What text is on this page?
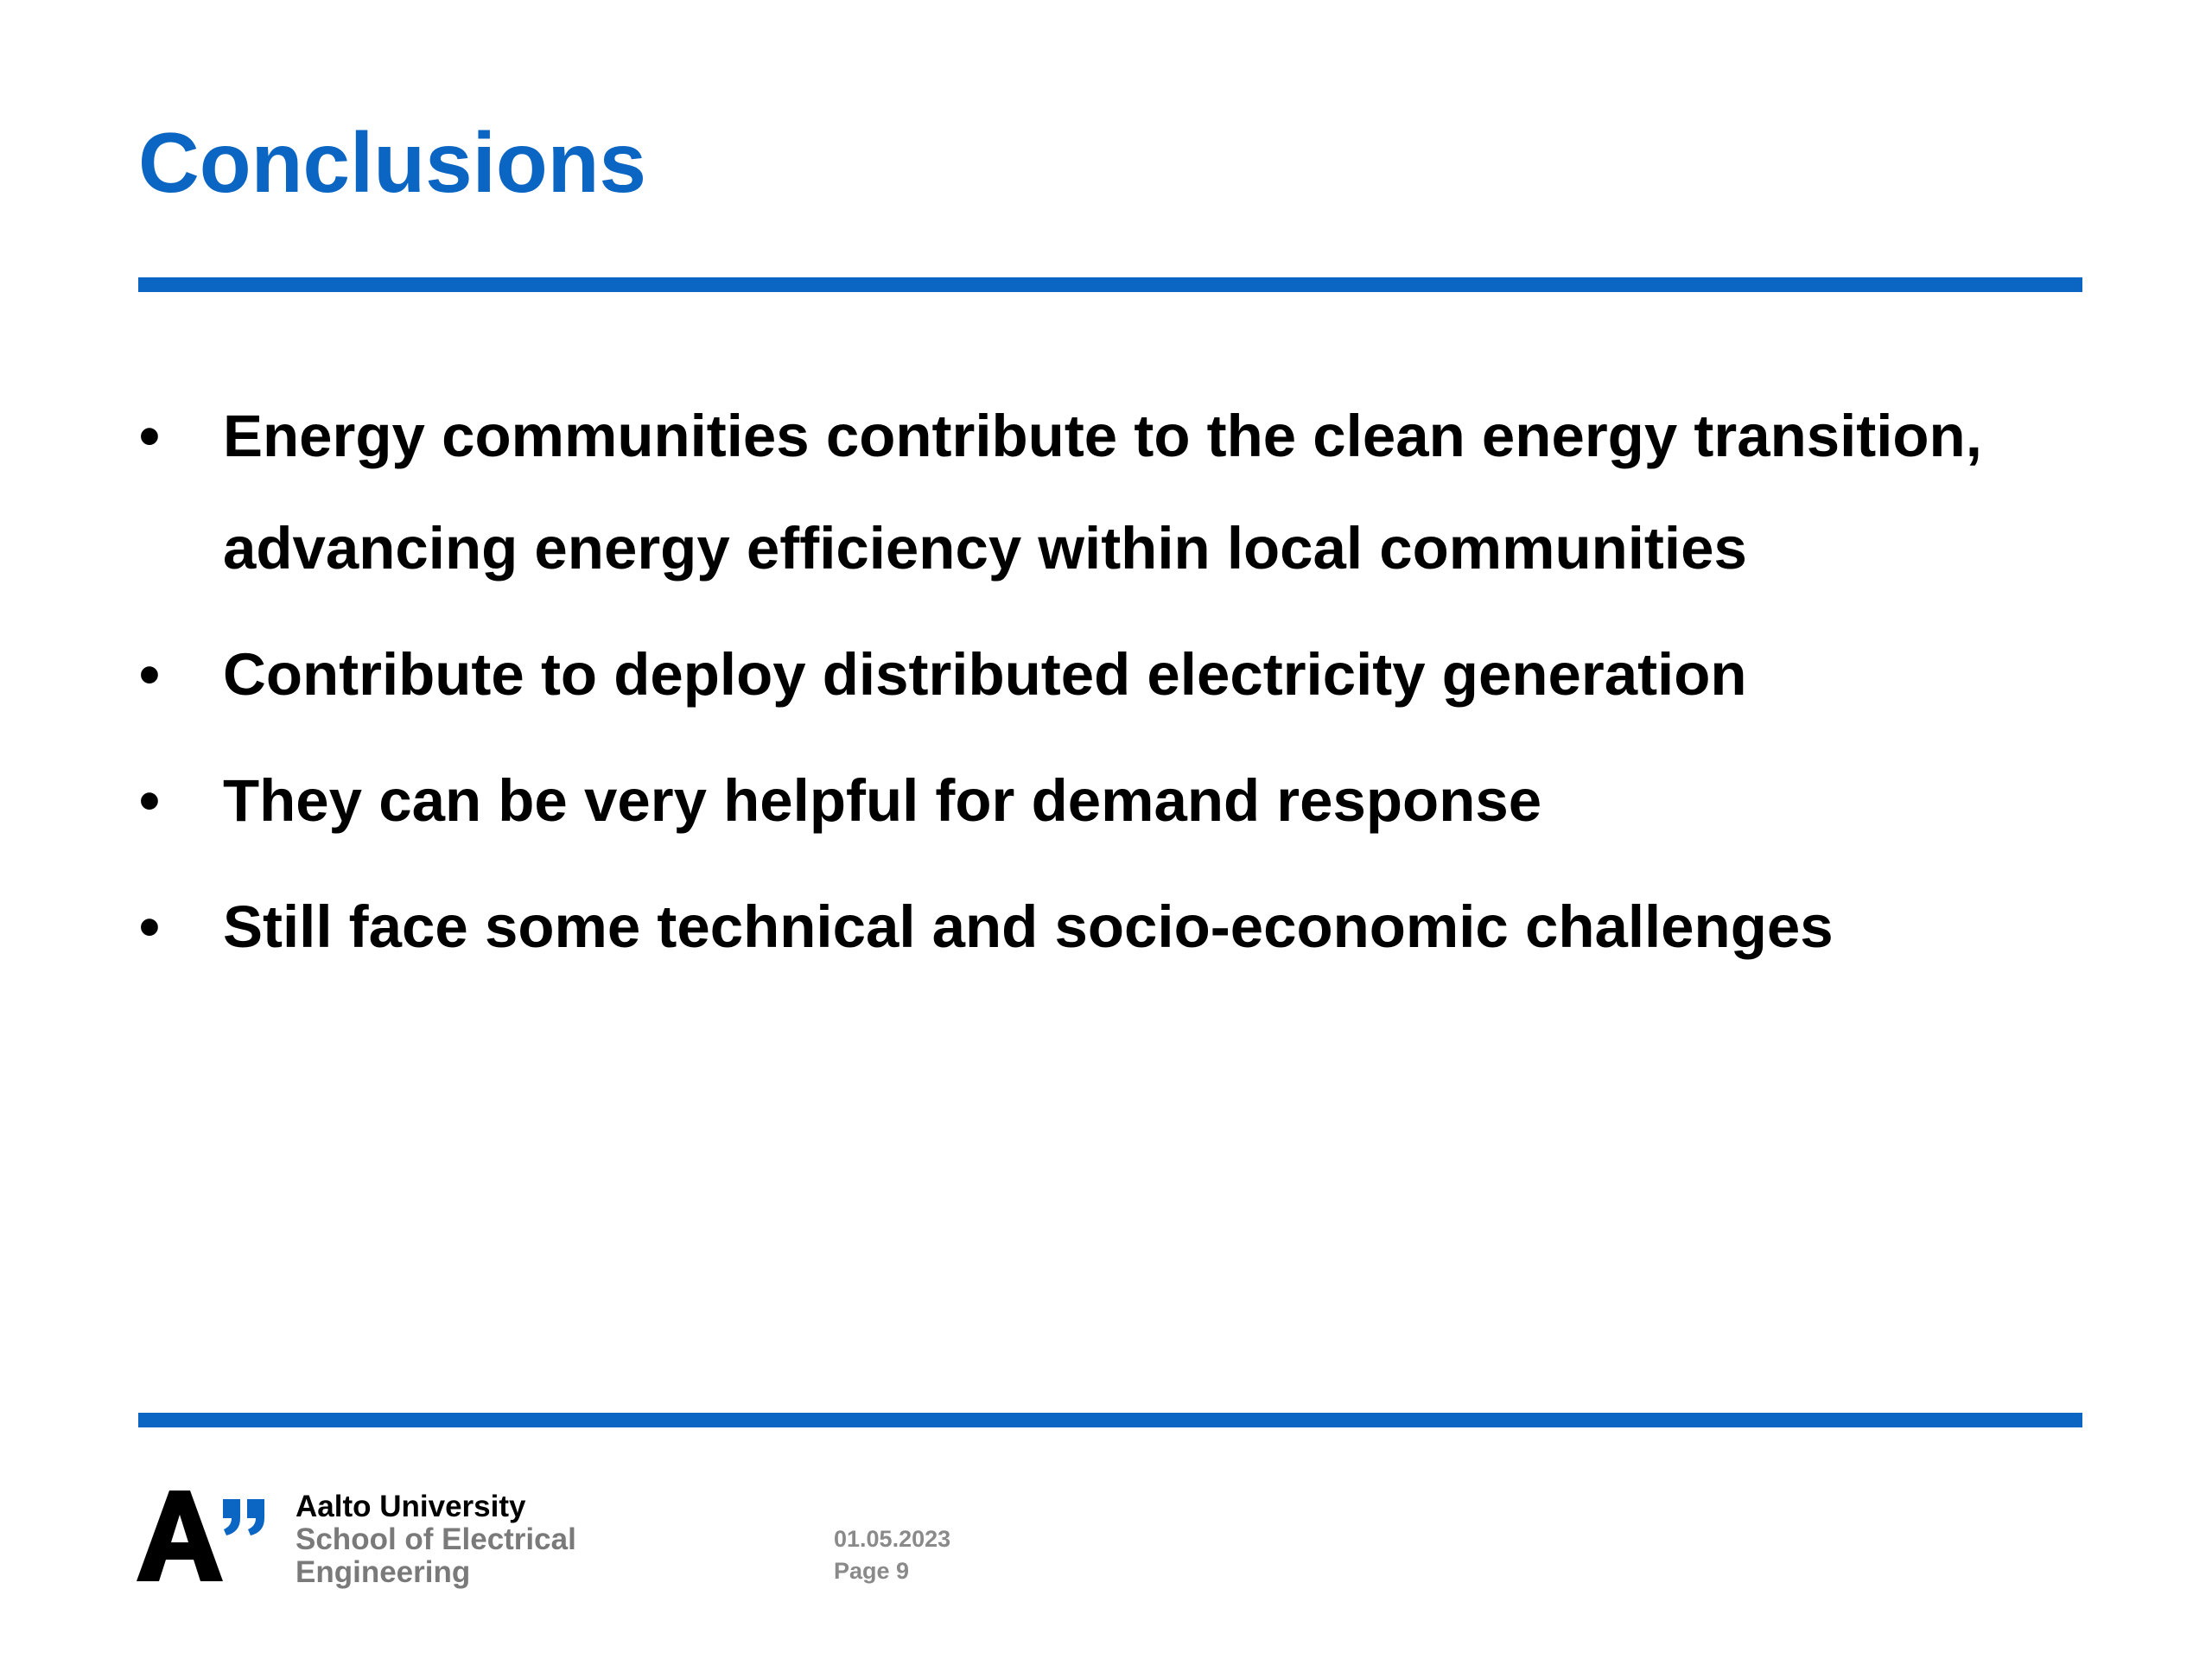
Conclusions
• Energy communities contribute to the clean energy transition,
advancing energy efficiency within local communities
• Contribute to deploy distributed electricity generation
• They can be very helpful for demand response
• Still face some technical and socio-economic challenges
Aalto University
School of Electrical
Engineering
01.05.2023
Page 9
